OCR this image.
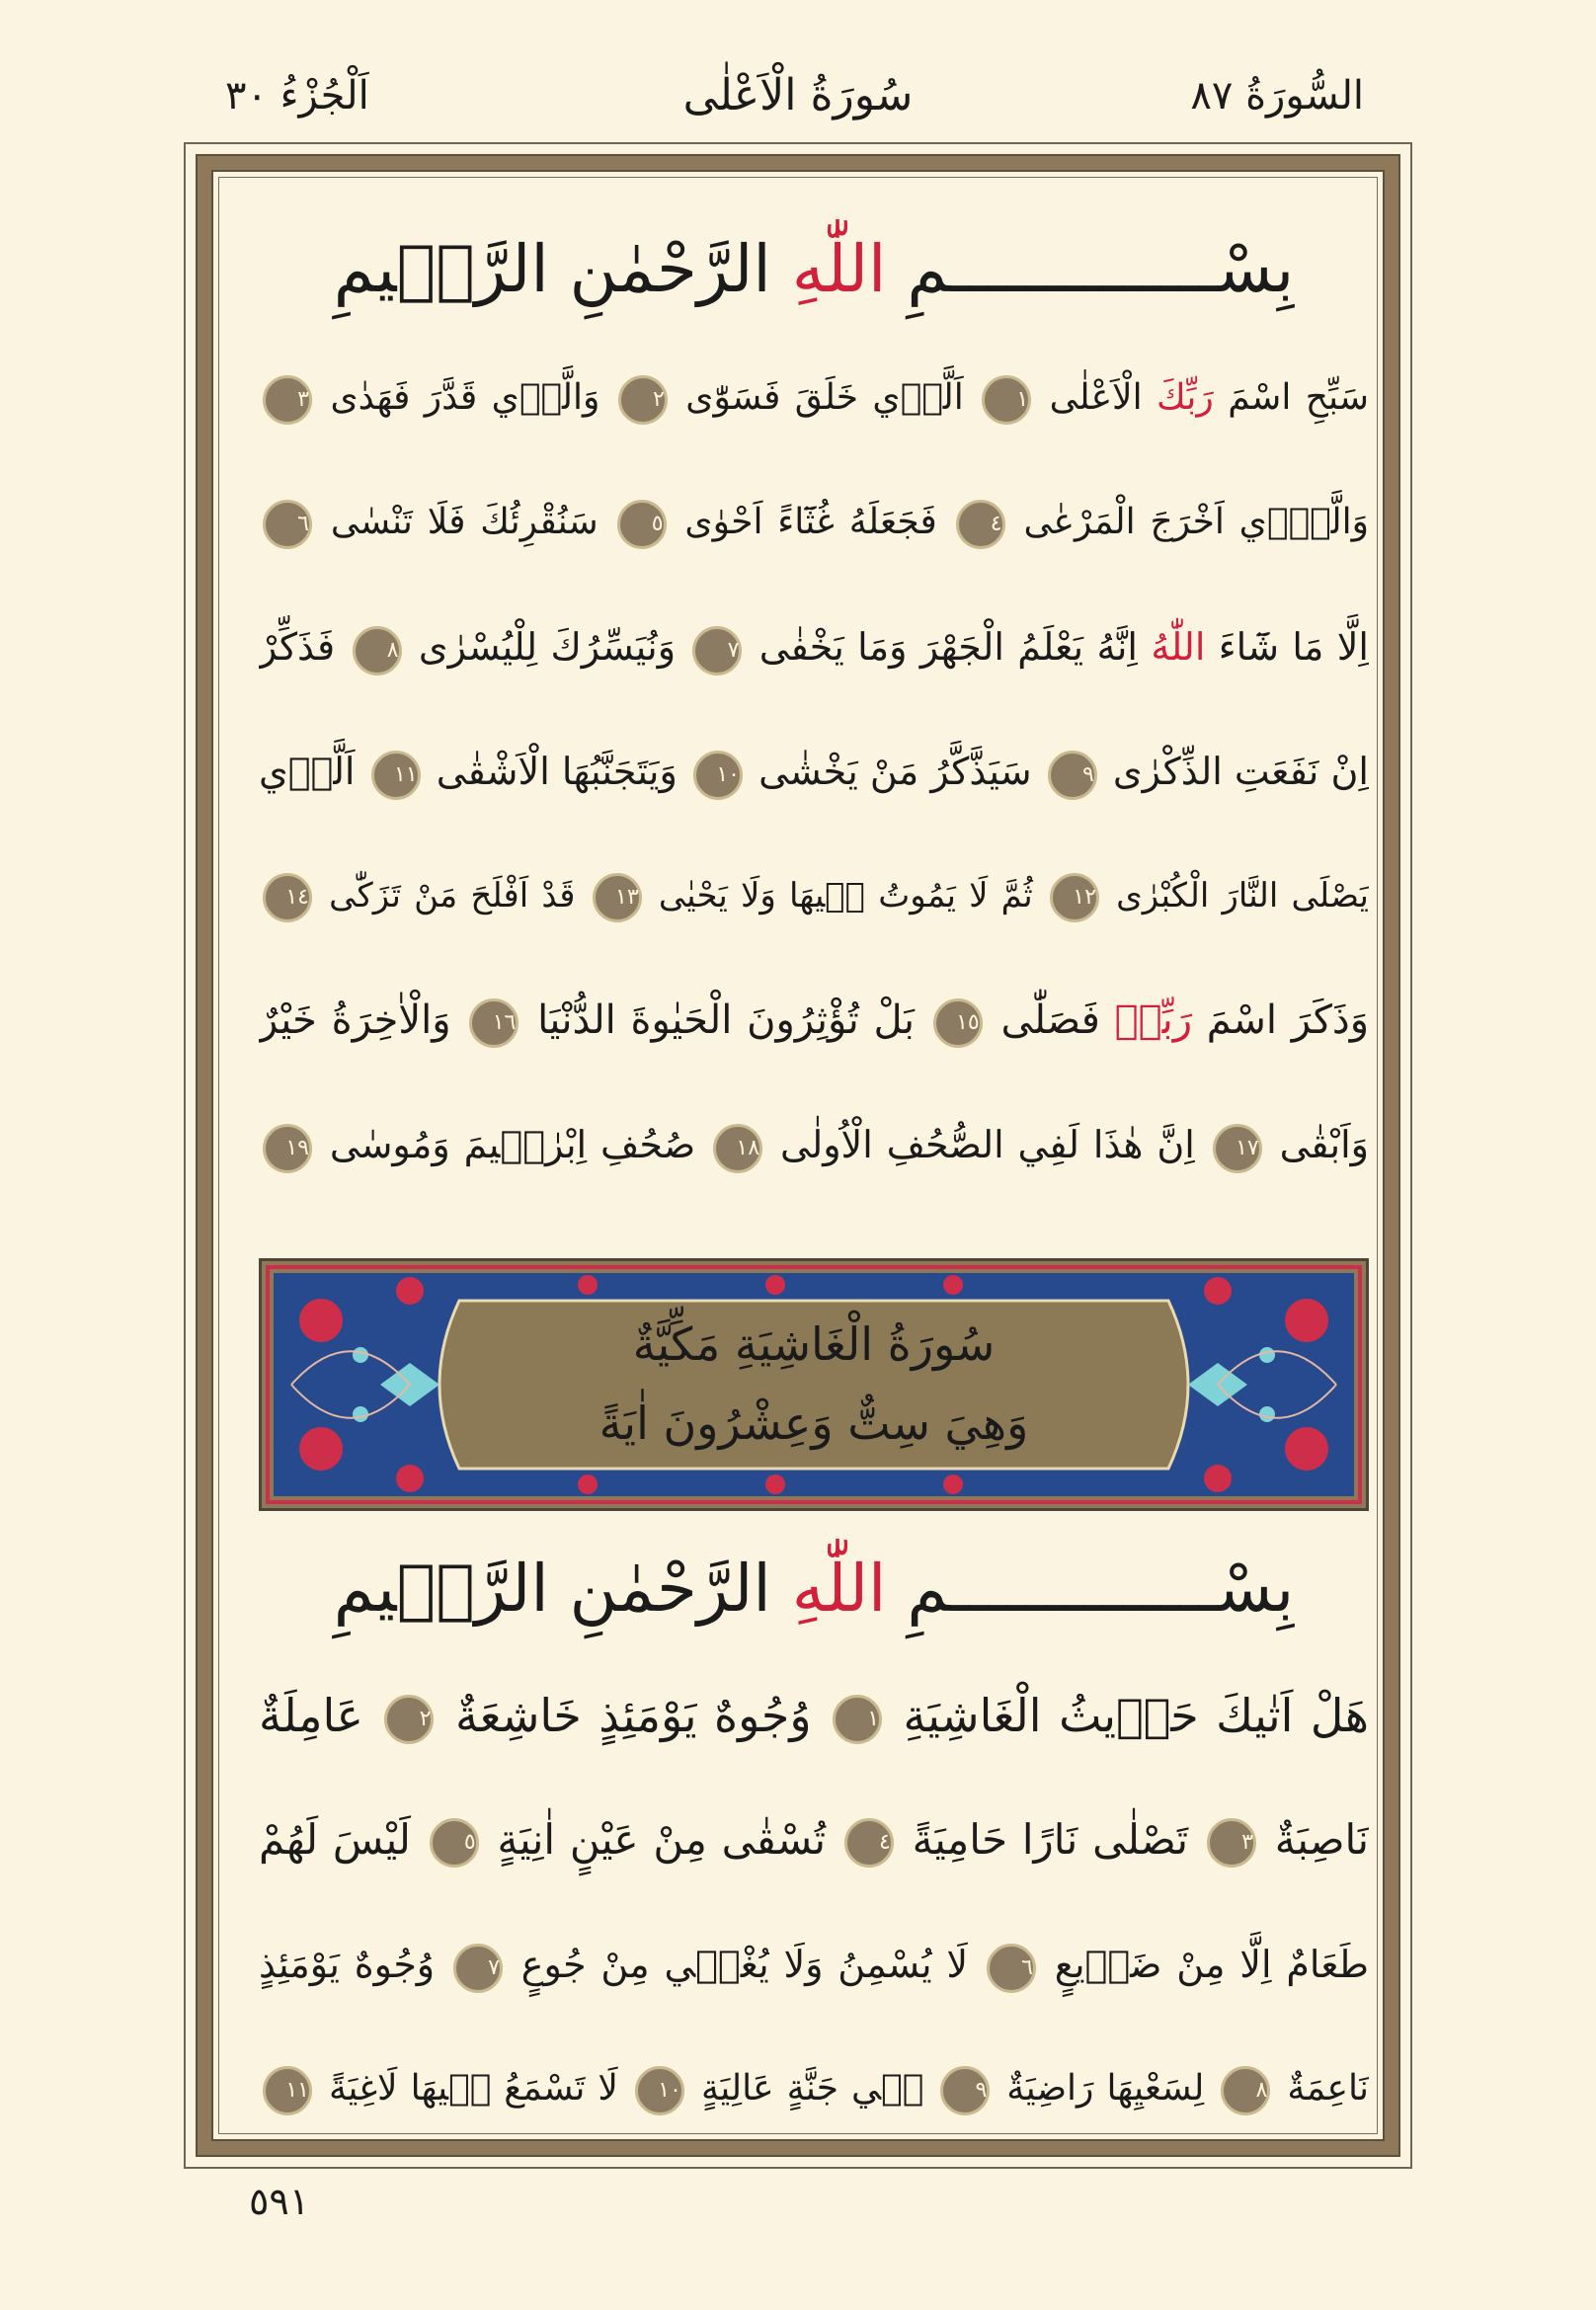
السُّورَةُ ٨٧
سُورَةُ الْاَعْلٰى
اَلْجُزْءُ ٣٠
بِسْــــــــــــــمِ اللّٰهِ الرَّحْمٰنِ الرَّح۪يمِ
سَبِّحِ اسْمَ رَبِّكَ الْاَعْلٰى ١ اَلَّذ۪ي خَلَقَ فَسَوّٰى ٢ وَالَّذ۪ي قَدَّرَ فَهَدٰى ٣
وَالَّذ۪ٓي اَخْرَجَ الْمَرْعٰى ٤ فَجَعَلَهُ غُثَٓاءً اَحْوٰى ٥ سَنُقْرِئُكَ فَلَا تَنْسٰى ٦
اِلَّا مَا شَٓاءَ اللّٰهُ اِنَّهُ يَعْلَمُ الْجَهْرَ وَمَا يَخْفٰى ٧ وَنُيَسِّرُكَ لِلْيُسْرٰى ٨ فَذَكِّرْ
اِنْ نَفَعَتِ الذِّكْرٰى ٩ سَيَذَّكَّرُ مَنْ يَخْشٰى ١٠ وَيَتَجَنَّبُهَا الْاَشْقٰى ١١ اَلَّذ۪ي
يَصْلَى النَّارَ الْكُبْرٰى ١٢ ثُمَّ لَا يَمُوتُ ف۪يهَا وَلَا يَحْيٰى ١٣ قَدْ اَفْلَحَ مَنْ تَزَكّٰى ١٤
وَذَكَرَ اسْمَ رَبِّه۪ فَصَلّٰى ١٥ بَلْ تُؤْثِرُونَ الْحَيٰوةَ الدُّنْيَا ١٦ وَالْاٰخِرَةُ خَيْرٌ
وَاَبْقٰى ١٧ اِنَّ هٰذَا لَفِي الصُّحُفِ الْاُولٰى ١٨ صُحُفِ اِبْرٰه۪يمَ وَمُوسٰى ١٩
سُورَةُ الْغَاشِيَةِ مَكِّيَّةٌ
وَهِيَ سِتٌّ وَعِشْرُونَ اٰيَةً
بِسْــــــــــــــمِ اللّٰهِ الرَّحْمٰنِ الرَّح۪يمِ
هَلْ اَتٰيكَ حَد۪يثُ الْغَاشِيَةِ ١ وُجُوهٌ يَوْمَئِذٍ خَاشِعَةٌ ٢ عَامِلَةٌ
نَاصِبَةٌ ٣ تَصْلٰى نَارًا حَامِيَةً ٤ تُسْقٰى مِنْ عَيْنٍ اٰنِيَةٍ ٥ لَيْسَ لَهُمْ
طَعَامٌ اِلَّا مِنْ ضَر۪يعٍ ٦ لَا يُسْمِنُ وَلَا يُغْن۪ي مِنْ جُوعٍ ٧ وُجُوهٌ يَوْمَئِذٍ
نَاعِمَةٌ ٨ لِسَعْيِهَا رَاضِيَةٌ ٩ ف۪ي جَنَّةٍ عَالِيَةٍ ١٠ لَا تَسْمَعُ ف۪يهَا لَاغِيَةً ١١
٥٩١
